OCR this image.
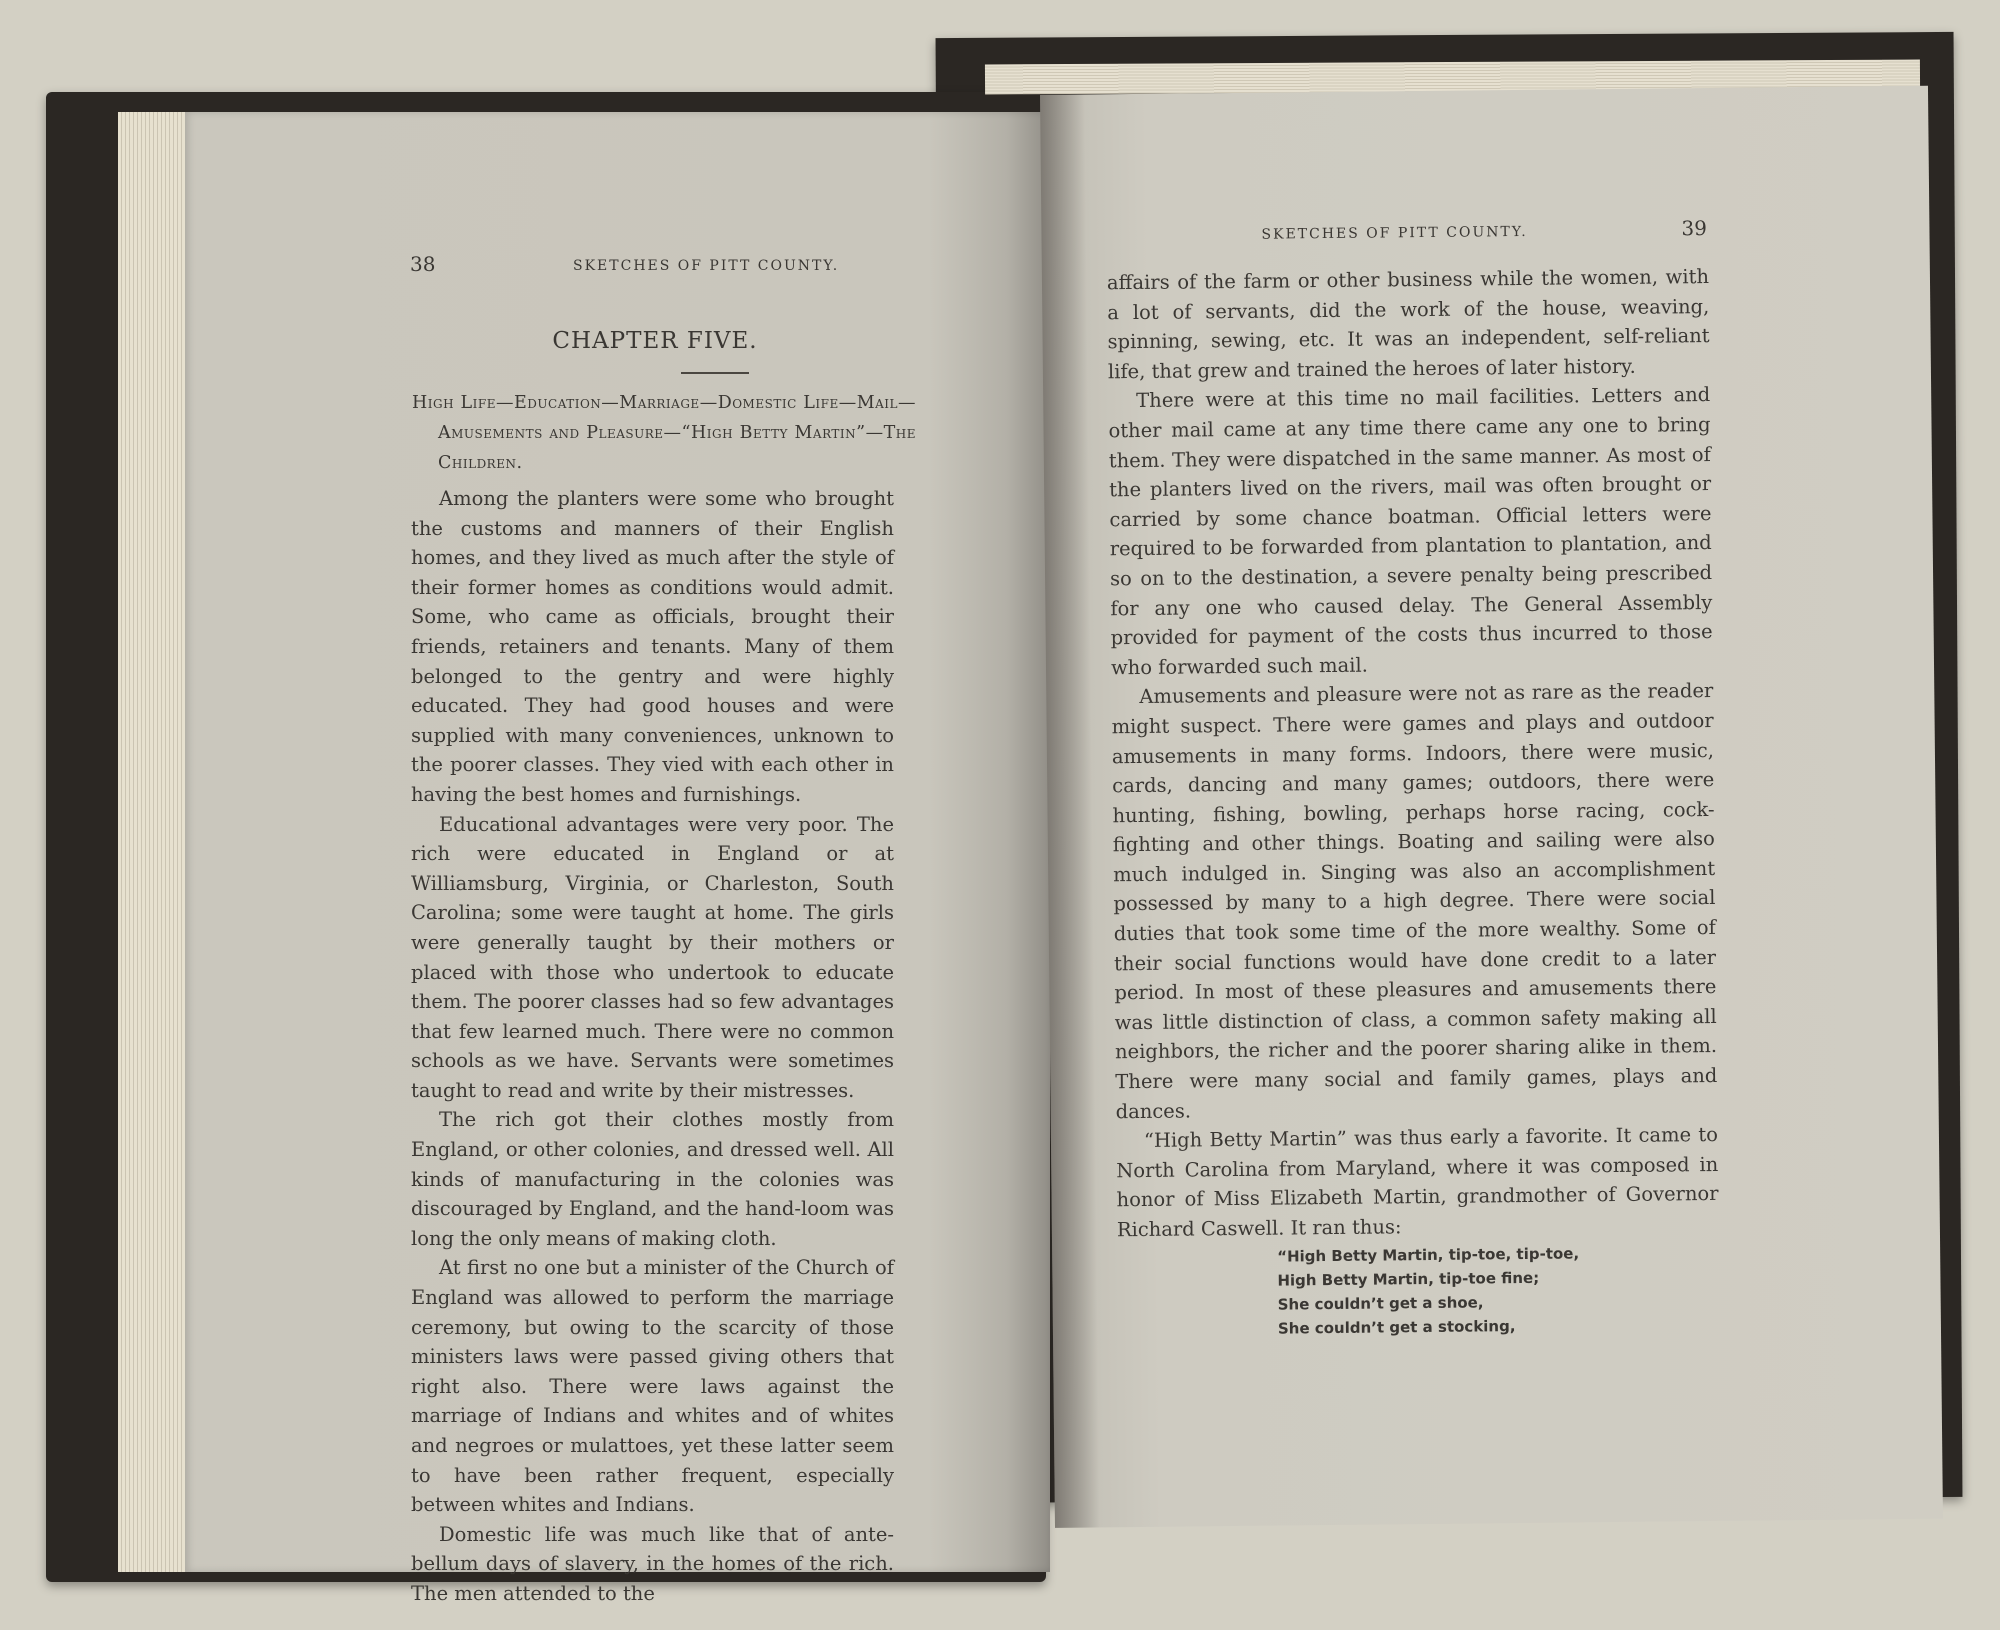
38	SKETCHES OF PITT COUNTY.
CHAPTER FIVE.
High Life—Education—Marriage—Domestic Life—Mail—Amusements and Pleasure—“High Betty Martin”—The Children.

Among the planters were some who brought the customs and manners of their English homes, and they lived as much after the style of their former homes as conditions would admit. Some, who came as officials, brought their friends, retainers and tenants. Many of them belonged to the gentry and were highly educated. They had good houses and were supplied with many conveniences, unknown to the poorer classes. They vied with each other in having the best homes and furnishings.

Educational advantages were very poor. The rich were educated in England or at Williamsburg, Virginia, or Charleston, South Carolina; some were taught at home. The girls were generally taught by their mothers or placed with those who undertook to educate them. The poorer classes had so few advantages that few learned much. There were no common schools as we have. Servants were sometimes taught to read and write by their mistresses.

The rich got their clothes mostly from England, or other colonies, and dressed well. All kinds of manufacturing in the colonies was discouraged by England, and the hand-loom was long the only means of making cloth.

At first no one but a minister of the Church of England was allowed to perform the marriage ceremony, but owing to the scarcity of those ministers laws were passed giving others that right also. There were laws against the marriage of Indians and whites and of whites and negroes or mulattoes, yet these latter seem to have been rather frequent, especially between whites and Indians.

Domestic life was much like that of ante-bellum days of slavery, in the homes of the rich. The men attended to the

SKETCHES OF PITT COUNTY.	39

affairs of the farm or other business while the women, with a lot of servants, did the work of the house, weaving, spinning, sewing, etc. It was an independent, self-reliant life, that grew and trained the heroes of later history.

There were at this time no mail facilities. Letters and other mail came at any time there came any one to bring them. They were dispatched in the same manner. As most of the planters lived on the rivers, mail was often brought or carried by some chance boatman. Official letters were required to be forwarded from plantation to plantation, and so on to the destination, a severe penalty being prescribed for any one who caused delay. The General Assembly provided for payment of the costs thus incurred to those who forwarded such mail.

Amusements and pleasure were not as rare as the reader might suspect. There were games and plays and outdoor amusements in many forms. Indoors, there were music, cards, dancing and many games; outdoors, there were hunting, fishing, bowling, perhaps horse racing, cock-fighting and other things. Boating and sailing were also much indulged in. Singing was also an accomplishment possessed by many to a high degree. There were social duties that took some time of the more wealthy. Some of their social functions would have done credit to a later period. In most of these pleasures and amusements there was little distinction of class, a common safety making all neighbors, the richer and the poorer sharing alike in them. There were many social and family games, plays and dances.

“High Betty Martin” was thus early a favorite. It came to North Carolina from Maryland, where it was composed in honor of Miss Elizabeth Martin, grandmother of Governor Richard Caswell. It ran thus:

“High Betty Martin, tip-toe, tip-toe,
High Betty Martin, tip-toe fine;
She couldn’t get a shoe,
She couldn’t get a stocking,
